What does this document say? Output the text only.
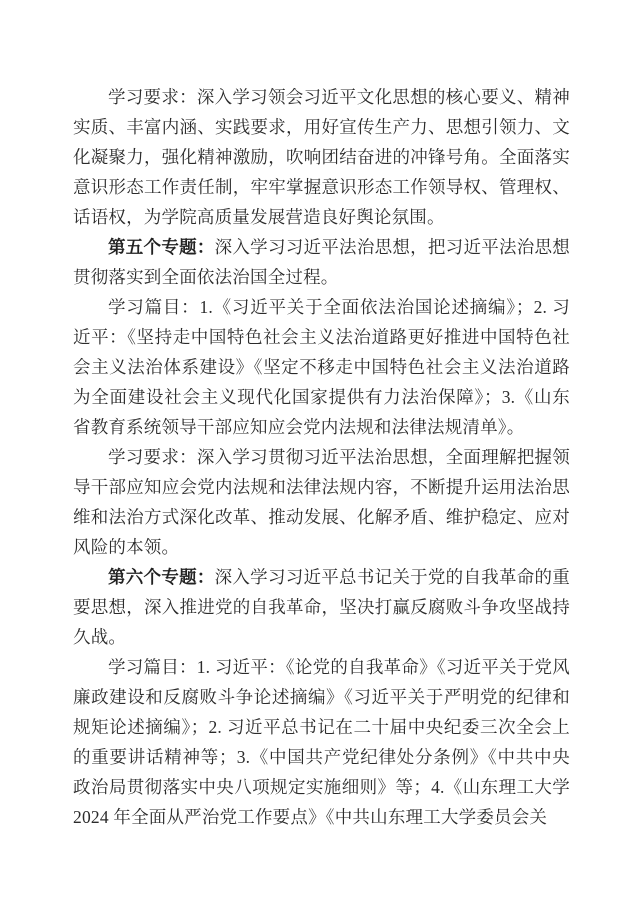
学习要求：深入学习领会习近平文化思想的核心要义、精神实质、丰富内涵、实践要求，用好宣传生产力、思想引领力、文化凝聚力，强化精神激励，吹响团结奋进的冲锋号角。全面落实意识形态工作责任制，牢牢掌握意识形态工作领导权、管理权、话语权，为学院高质量发展营造良好舆论氛围。

第五个专题：深入学习习近平法治思想，把习近平法治思想贯彻落实到全面依法治国全过程。

学习篇目：1.《习近平关于全面依法治国论述摘编》；2. 习近平：《坚持走中国特色社会主义法治道路更好推进中国特色社会主义法治体系建设》《坚定不移走中国特色社会主义法治道路为全面建设社会主义现代化国家提供有力法治保障》；3.《山东省教育系统领导干部应知应会党内法规和法律法规清单》。

学习要求：深入学习贯彻习近平法治思想，全面理解把握领导干部应知应会党内法规和法律法规内容，不断提升运用法治思维和法治方式深化改革、推动发展、化解矛盾、维护稳定、应对风险的本领。

第六个专题：深入学习习近平总书记关于党的自我革命的重要思想，深入推进党的自我革命，坚决打赢反腐败斗争攻坚战持久战。

学习篇目：1. 习近平：《论党的自我革命》《习近平关于党风廉政建设和反腐败斗争论述摘编》《习近平关于严明党的纪律和规矩论述摘编》；2. 习近平总书记在二十届中央纪委三次全会上的重要讲话精神等；3.《中国共产党纪律处分条例》《中共中央政治局贯彻落实中央八项规定实施细则》等；4.《山东理工大学 2024 年全面从严治党工作要点》《中共山东理工大学委员会关
